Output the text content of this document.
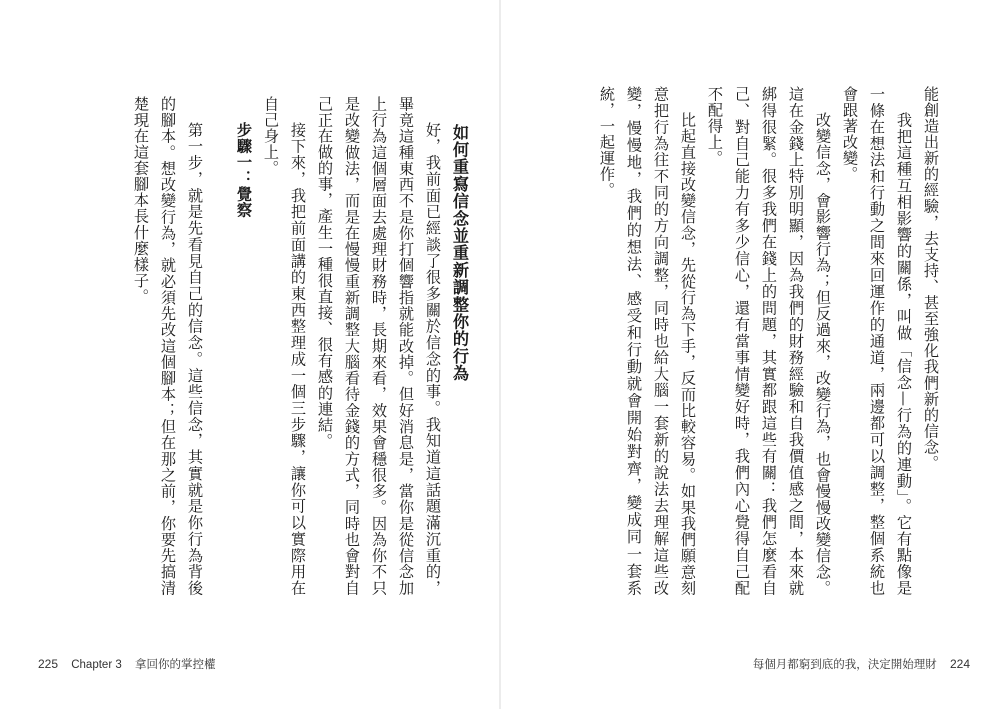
如何重寫信念並重新調整你的行為

好，我前面已經談了很多關於信念的事。我知道這話題滿沉重的，畢竟這種東西不是你打個響指就能改掉。但好消息是，當你是從信念加上行為這個層面去處理財務時，長期來看，效果會穩很多。因為你不只是改變做法，而是在慢慢重新調整大腦看待金錢的方式，同時也會對自己正在做的事，產生一種很直接、很有感的連結。

接下來，我把前面講的東西整理成一個三步驟，讓你可以實際用在自己身上。

步驟一：覺察

第一步，就是先看見自己的信念。這些信念，其實就是你行為背後的腳本。想改變行為，就必須先改這個腳本；但在那之前，你要先搞清楚現在這套腳本長什麼樣子。

225 Chapter 3 拿回你的掌控權

能創造出新的經驗，去支持、甚至強化我們新的信念。

我把這種互相影響的關係，叫做「信念—行為的連動」。它有點像是一條在想法和行動之間來回運作的通道，兩邊都可以調整，整個系統也會跟著改變。

改變信念，會影響行為；但反過來，改變行為，也會慢慢改變信念。這在金錢上特別明顯，因為我們的財務經驗和自我價值感之間，本來就綁得很緊。很多我們在錢上的問題，其實都跟這些有關：我們怎麼看自己、對自己能力有多少信心，還有當事情變好時，我們內心覺得自己配不配得上。

比起直接改變信念，先從行為下手，反而比較容易。如果我們願意刻意把行為往不同的方向調整，同時也給大腦一套新的說法去理解這些改變，慢慢地，我們的想法、感受和行動就會開始對齊，變成同一套系統，一起運作。

每個月都窮到底的我，決定開始理財 224
